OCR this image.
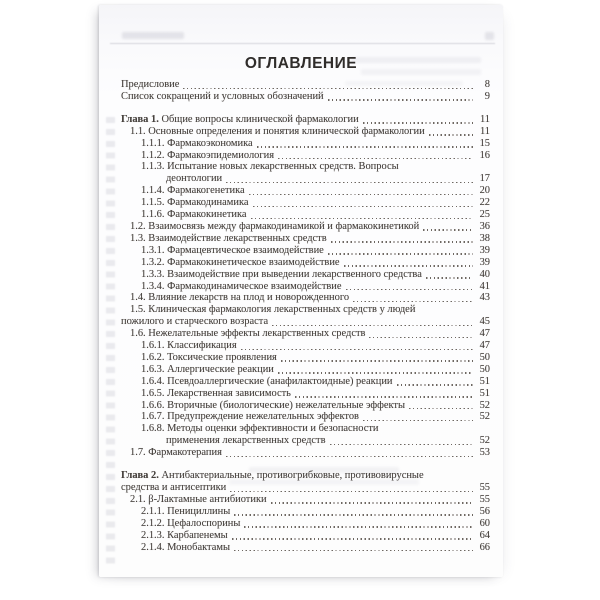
ОГЛАВЛЕНИЕ
Предисловие	8
Список сокращений и условных обозначений	9
Глава 1. Общие вопросы клинической фармакологии	11
1.1. Основные определения и понятия клинической фармакологии	11
1.1.1. Фармакоэкономика	15
1.1.2. Фармакоэпидемиология	16
1.1.3. Испытание новых лекарственных средств. Вопросы
деонтологии	17
1.1.4. Фармакогенетика	20
1.1.5. Фармакодинамика	22
1.1.6. Фармакокинетика	25
1.2. Взаимосвязь между фармакодинамикой и фармакокинетикой	36
1.3. Взаимодействие лекарственных средств	38
1.3.1. Фармацевтическое взаимодействие	39
1.3.2. Фармакокинетическое взаимодействие	39
1.3.3. Взаимодействие при выведении лекарственного средства	40
1.3.4. Фармакодинамическое взаимодействие	41
1.4. Влияние лекарств на плод и новорожденного	43
1.5. Клиническая фармакология лекарственных средств у людей
пожилого и старческого возраста	45
1.6. Нежелательные эффекты лекарственных средств	47
1.6.1. Классификация	47
1.6.2. Токсические проявления	50
1.6.3. Аллергические реакции	50
1.6.4. Псевдоаллергические (анафилактоидные) реакции	51
1.6.5. Лекарственная зависимость	51
1.6.6. Вторичные (биологические) нежелательные эффекты	52
1.6.7. Предупреждение нежелательных эффектов	52
1.6.8. Методы оценки эффективности и безопасности
применения лекарственных средств	52
1.7. Фармакотерапия	53
Глава 2. Антибактериальные, противогрибковые, противовирусные
средства и антисептики	55
2.1. β-Лактамные антибиотики	55
2.1.1. Пенициллины	56
2.1.2. Цефалоспорины	60
2.1.3. Карбапенемы	64
2.1.4. Монобактамы	66
